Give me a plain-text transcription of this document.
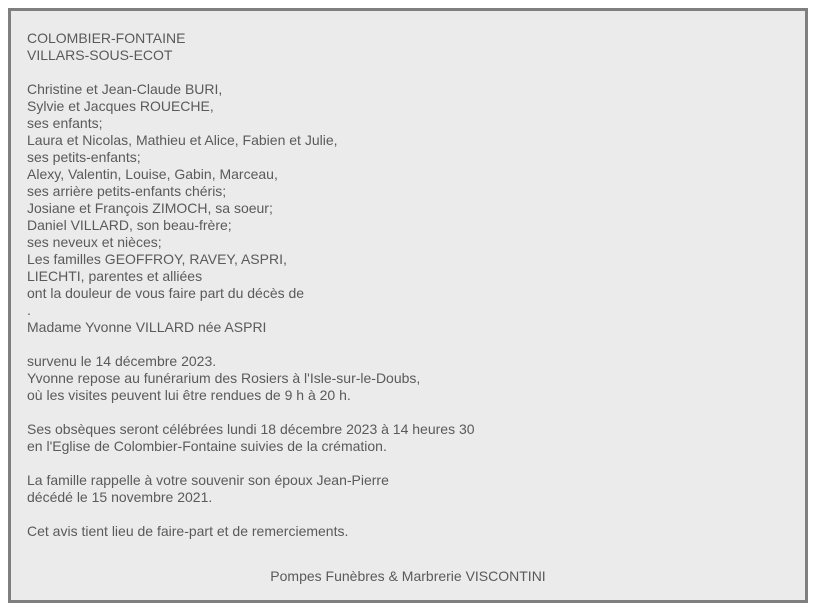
COLOMBIER-FONTAINE
VILLARS-SOUS-ECOT

Christine et Jean-Claude BURI,
Sylvie et Jacques ROUECHE,
ses enfants;
Laura et Nicolas, Mathieu et Alice, Fabien et Julie,
ses petits-enfants;
Alexy, Valentin, Louise, Gabin, Marceau,
ses arrière petits-enfants chéris;
Josiane et François ZIMOCH, sa soeur;
Daniel VILLARD, son beau-frère;
ses neveux et nièces;
Les familles GEOFFROY, RAVEY, ASPRI,
LIECHTI, parentes et alliées
ont la douleur de vous faire part du décès de
.
Madame Yvonne VILLARD née ASPRI

survenu le 14 décembre 2023.
Yvonne repose au funérarium des Rosiers à l'Isle-sur-le-Doubs,
où les visites peuvent lui être rendues de 9 h à 20 h.

Ses obsèques seront célébrées lundi 18 décembre 2023 à 14 heures 30
en l'Eglise de Colombier-Fontaine suivies de la crémation.

La famille rappelle à votre souvenir son époux Jean-Pierre
décédé le 15 novembre 2021.

Cet avis tient lieu de faire-part et de remerciements.
Pompes Funèbres & Marbrerie VISCONTINI
